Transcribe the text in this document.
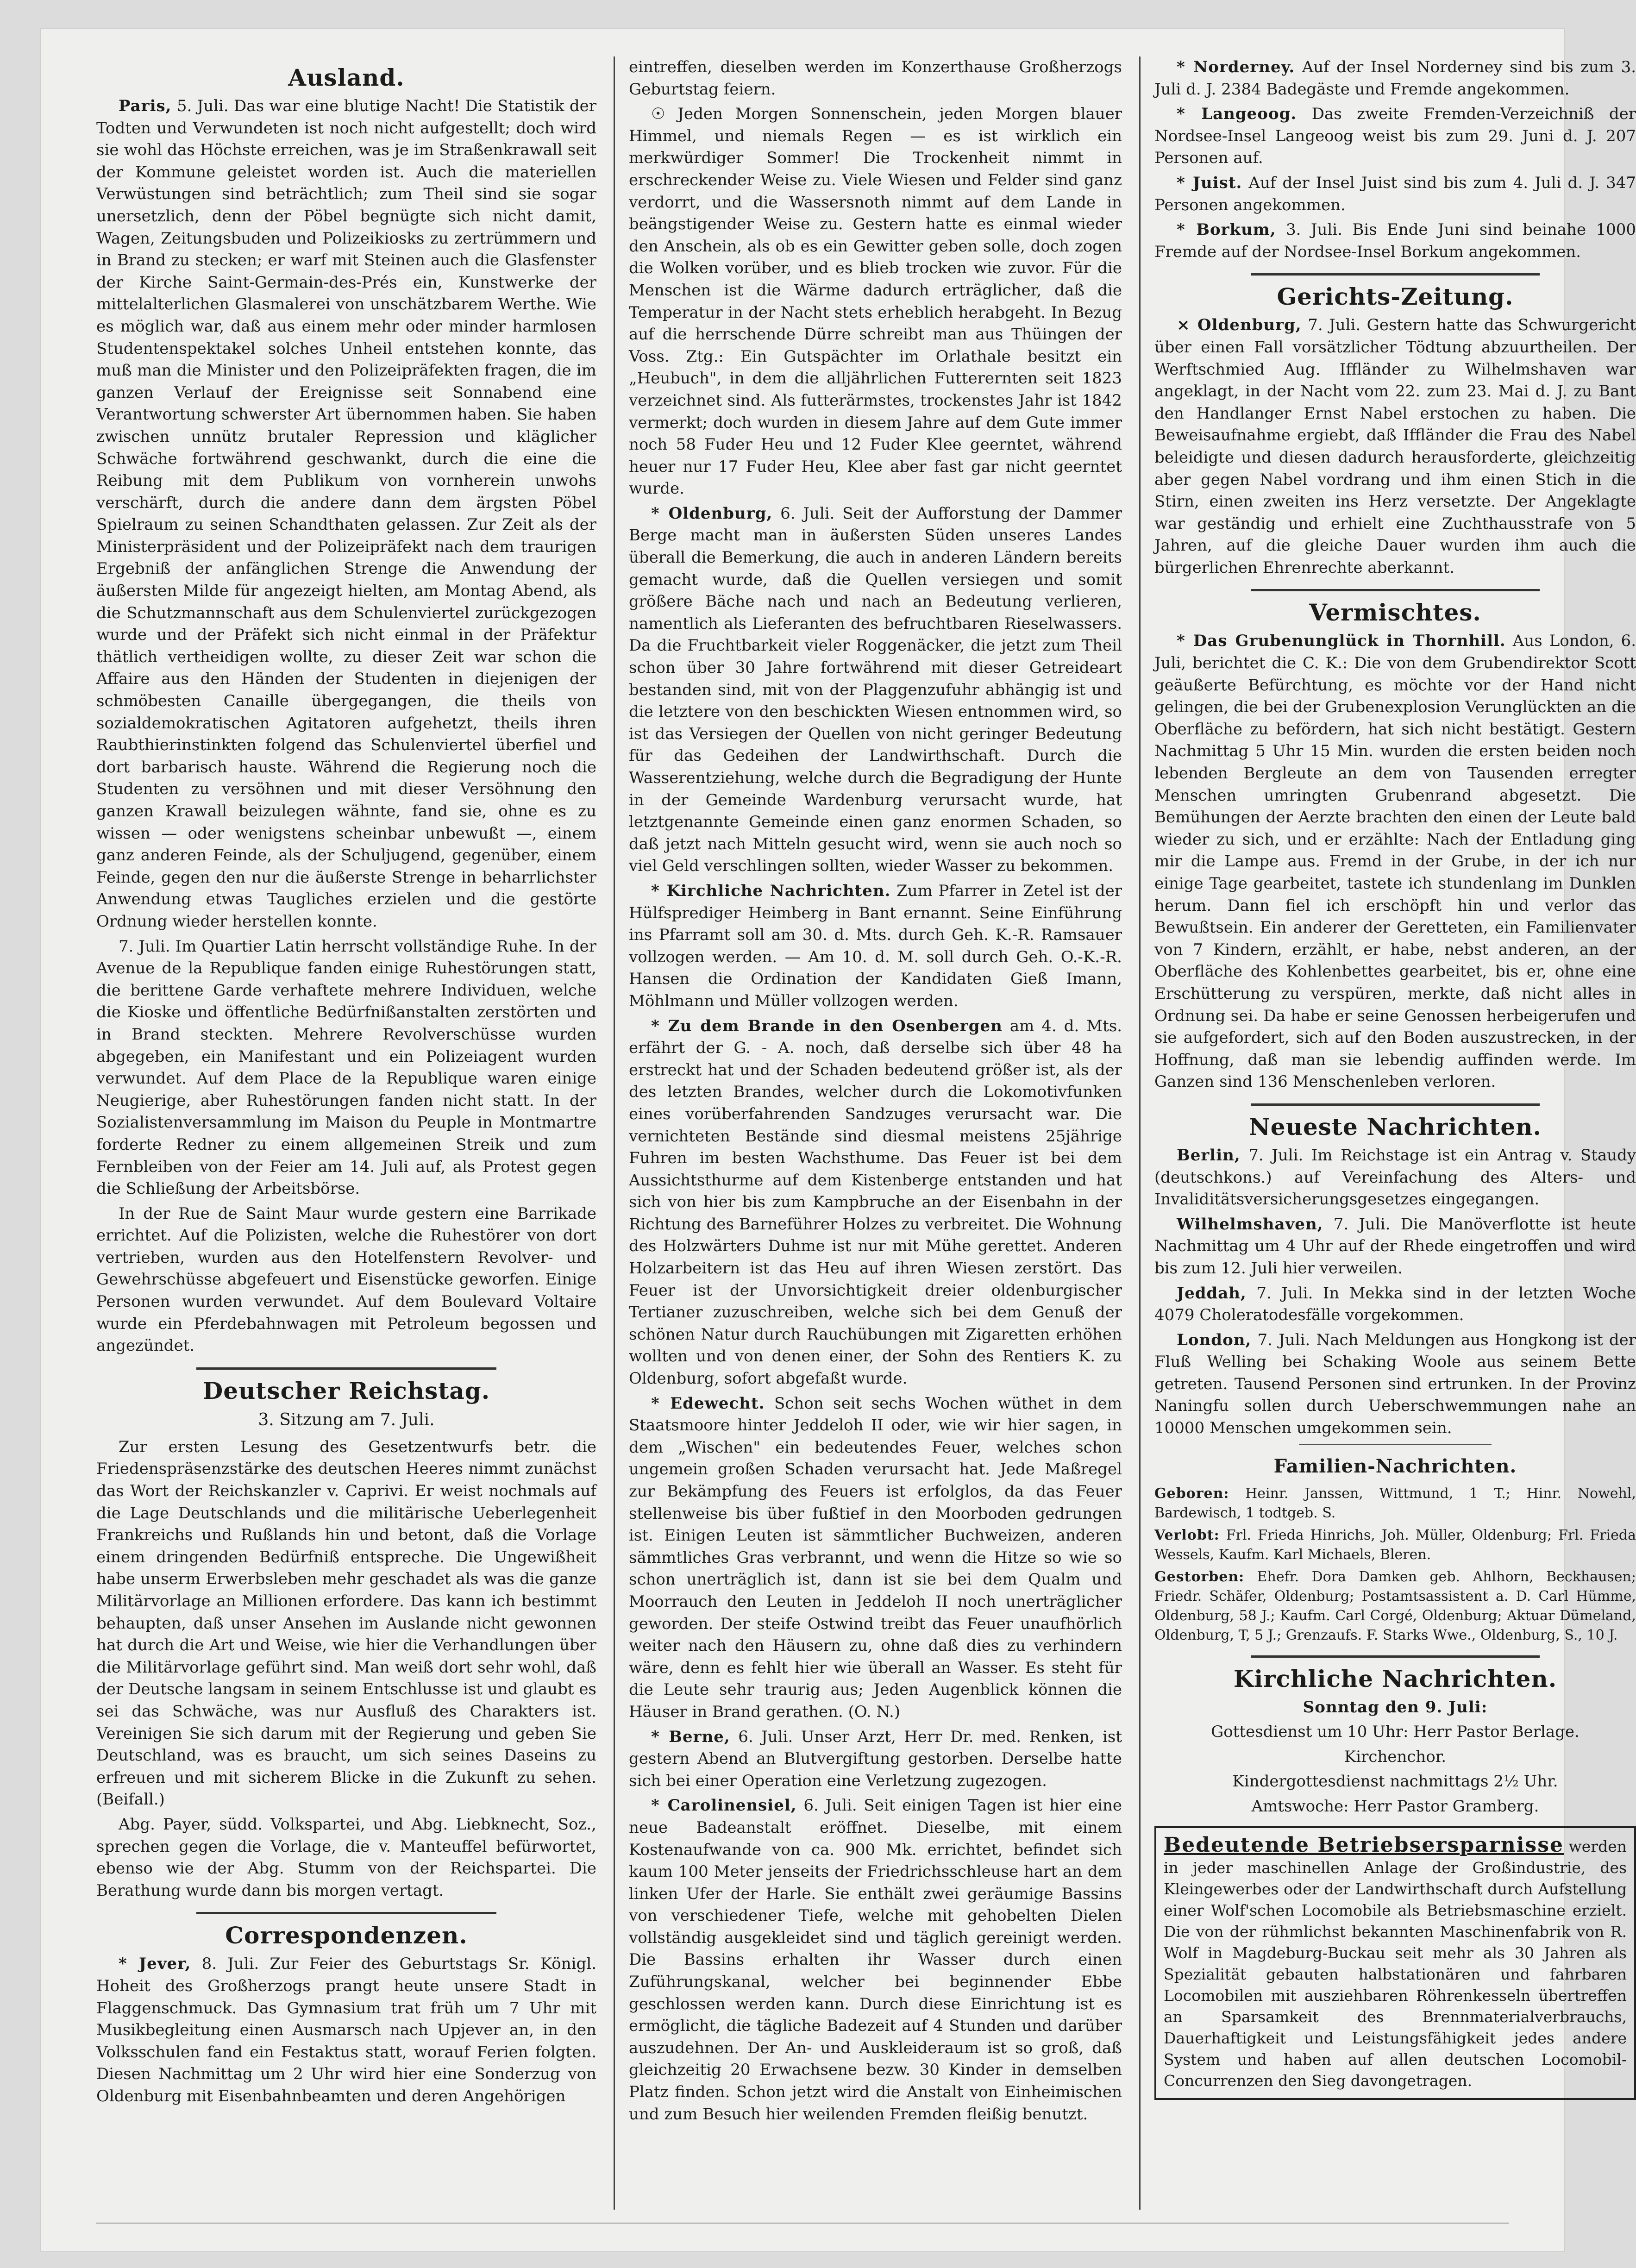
Ausland.

Paris, 5. Juli. Das war eine blutige Nacht! Die Statistik der Todten und Verwundeten ist noch nicht aufgestellt; doch wird sie wohl das Höchste erreichen, was je im Straßenkrawall seit der Kommune geleistet worden ist. Auch die materiellen Verwüstungen sind beträchtlich; zum Theil sind sie sogar unersetzlich, denn der Pöbel begnügte sich nicht damit, Wagen, Zeitungsbuden und Polizeikiosks zu zertrümmern und in Brand zu stecken; er warf mit Steinen auch die Glasfenster der Kirche Saint-Germain-des-Prés ein, Kunstwerke der mittelalterlichen Glasmalerei von unschätzbarem Werthe. Wie es möglich war, daß aus einem mehr oder minder harmlosen Studentenspektakel solches Unheil entstehen konnte, das muß man die Minister und den Polizeipräfekten fragen, die im ganzen Verlauf der Ereignisse seit Sonnabend eine Verantwortung schwerster Art übernommen haben. Sie haben zwischen unnütz brutaler Repression und kläglicher Schwäche fortwährend geschwankt, durch die eine die Reibung mit dem Publikum von vornherein unwohs verschärft, durch die andere dann dem ärgsten Pöbel Spielraum zu seinen Schandthaten gelassen. Zur Zeit als der Ministerpräsident und der Polizeipräfekt nach dem traurigen Ergebniß der anfänglichen Strenge die Anwendung der äußersten Milde für angezeigt hielten, am Montag Abend, als die Schutzmannschaft aus dem Schulenviertel zurückgezogen wurde und der Präfekt sich nicht einmal in der Präfektur thätlich vertheidigen wollte, zu dieser Zeit war schon die Affaire aus den Händen der Studenten in diejenigen der schmöbesten Canaille übergegangen, die theils von sozialdemokratischen Agitatoren aufgehetzt, theils ihren Raubthierinstinkten folgend das Schulenviertel überfiel und dort barbarisch hauste. Während die Regierung noch die Studenten zu versöhnen und mit dieser Versöhnung den ganzen Krawall beizulegen wähnte, fand sie, ohne es zu wissen — oder wenigstens scheinbar unbewußt —, einem ganz anderen Feinde, als der Schuljugend, gegenüber, einem Feinde, gegen den nur die äußerste Strenge in beharrlichster Anwendung etwas Taugliches erzielen und die gestörte Ordnung wieder herstellen konnte.

7. Juli. Im Quartier Latin herrscht vollständige Ruhe. In der Avenue de la Republique fanden einige Ruhestörungen statt, die berittene Garde verhaftete mehrere Individuen, welche die Kioske und öffentliche Bedürfnißanstalten zerstörten und in Brand steckten. Mehrere Revolverschüsse wurden abgegeben, ein Manifestant und ein Polizeiagent wurden verwundet. Auf dem Place de la Republique waren einige Neugierige, aber Ruhestörungen fanden nicht statt. In der Sozialistenversammlung im Maison du Peuple in Montmartre forderte Redner zu einem allgemeinen Streik und zum Fernbleiben von der Feier am 14. Juli auf, als Protest gegen die Schließung der Arbeitsbörse.

In der Rue de Saint Maur wurde gestern eine Barrikade errichtet. Auf die Polizisten, welche die Ruhestörer von dort vertrieben, wurden aus den Hotelfenstern Revolver- und Gewehrschüsse abgefeuert und Eisenstücke geworfen. Einige Personen wurden verwundet. Auf dem Boulevard Voltaire wurde ein Pferdebahnwagen mit Petroleum begossen und angezündet.

Deutscher Reichstag.
3. Sitzung am 7. Juli.

Zur ersten Lesung des Gesetzentwurfs betr. die Friedenspräsenzstärke des deutschen Heeres nimmt zunächst das Wort der Reichskanzler v. Caprivi. Er weist nochmals auf die Lage Deutschlands und die militärische Ueberlegenheit Frankreichs und Rußlands hin und betont, daß die Vorlage einem dringenden Bedürfniß entspreche. Die Ungewißheit habe unserm Erwerbsleben mehr geschadet als was die ganze Militärvorlage an Millionen erfordere. Das kann ich bestimmt behaupten, daß unser Ansehen im Auslande nicht gewonnen hat durch die Art und Weise, wie hier die Verhandlungen über die Militärvorlage geführt sind. Man weiß dort sehr wohl, daß der Deutsche langsam in seinem Entschlusse ist und glaubt es sei das Schwäche, was nur Ausfluß des Charakters ist. Vereinigen Sie sich darum mit der Regierung und geben Sie Deutschland, was es braucht, um sich seines Daseins zu erfreuen und mit sicherem Blicke in die Zukunft zu sehen. (Beifall.)

Abg. Payer, südd. Volkspartei, und Abg. Liebknecht, Soz., sprechen gegen die Vorlage, die v. Manteuffel befürwortet, ebenso wie der Abg. Stumm von der Reichspartei. Die Berathung wurde dann bis morgen vertagt.

Correspondenzen.

* Jever, 8. Juli. Zur Feier des Geburtstags Sr. Königl. Hoheit des Großherzogs prangt heute unsere Stadt in Flaggenschmuck. Das Gymnasium trat früh um 7 Uhr mit Musikbegleitung einen Ausmarsch nach Upjever an, in den Volksschulen fand ein Festaktus statt, worauf Ferien folgten. Diesen Nachmittag um 2 Uhr wird hier eine Sonderzug von Oldenburg mit Eisenbahnbeamten und deren Angehörigen

eintreffen, dieselben werden im Konzerthause Großherzogs Geburtstag feiern.

☉ Jeden Morgen Sonnenschein, jeden Morgen blauer Himmel, und niemals Regen — es ist wirklich ein merkwürdiger Sommer! Die Trockenheit nimmt in erschreckender Weise zu. Viele Wiesen und Felder sind ganz verdorrt, und die Wassersnoth nimmt auf dem Lande in beängstigender Weise zu. Gestern hatte es einmal wieder den Anschein, als ob es ein Gewitter geben solle, doch zogen die Wolken vorüber, und es blieb trocken wie zuvor. Für die Menschen ist die Wärme dadurch erträglicher, daß die Temperatur in der Nacht stets erheblich herabgeht. In Bezug auf die herrschende Dürre schreibt man aus Thüingen der Voss. Ztg.: Ein Gutspächter im Orlathale besitzt ein „Heubuch", in dem die alljährlichen Futterernten seit 1823 verzeichnet sind. Als futterärmstes, trockenstes Jahr ist 1842 vermerkt; doch wurden in diesem Jahre auf dem Gute immer noch 58 Fuder Heu und 12 Fuder Klee geerntet, während heuer nur 17 Fuder Heu, Klee aber fast gar nicht geerntet wurde.

* Oldenburg, 6. Juli. Seit der Aufforstung der Dammer Berge macht man in äußersten Süden unseres Landes überall die Bemerkung, die auch in anderen Ländern bereits gemacht wurde, daß die Quellen versiegen und somit größere Bäche nach und nach an Bedeutung verlieren, namentlich als Lieferanten des befruchtbaren Rieselwassers. Da die Fruchtbarkeit vieler Roggenäcker, die jetzt zum Theil schon über 30 Jahre fortwährend mit dieser Getreideart bestanden sind, mit von der Plaggenzufuhr abhängig ist und die letztere von den beschickten Wiesen entnommen wird, so ist das Versiegen der Quellen von nicht geringer Bedeutung für das Gedeihen der Landwirthschaft. Durch die Wasserentziehung, welche durch die Begradigung der Hunte in der Gemeinde Wardenburg verursacht wurde, hat letztgenannte Gemeinde einen ganz enormen Schaden, so daß jetzt nach Mitteln gesucht wird, wenn sie auch noch so viel Geld verschlingen sollten, wieder Wasser zu bekommen.

* Kirchliche Nachrichten. Zum Pfarrer in Zetel ist der Hülfsprediger Heimberg in Bant ernannt. Seine Einführung ins Pfarramt soll am 30. d. Mts. durch Geh. K.-R. Ramsauer vollzogen werden. — Am 10. d. M. soll durch Geh. O.-K.-R. Hansen die Ordination der Kandidaten Gieß Imann, Möhlmann und Müller vollzogen werden.

* Zu dem Brande in den Osenbergen am 4. d. Mts. erfährt der G. - A. noch, daß derselbe sich über 48 ha erstreckt hat und der Schaden bedeutend größer ist, als der des letzten Brandes, welcher durch die Lokomotivfunken eines vorüberfahrenden Sandzuges verursacht war. Die vernichteten Bestände sind diesmal meistens 25jährige Fuhren im besten Wachsthume. Das Feuer ist bei dem Aussichtsthurme auf dem Kistenberge entstanden und hat sich von hier bis zum Kampbruche an der Eisenbahn in der Richtung des Barneführer Holzes zu verbreitet. Die Wohnung des Holzwärters Duhme ist nur mit Mühe gerettet. Anderen Holzarbeitern ist das Heu auf ihren Wiesen zerstört. Das Feuer ist der Unvorsichtigkeit dreier oldenburgischer Tertianer zuzuschreiben, welche sich bei dem Genuß der schönen Natur durch Rauchübungen mit Zigaretten erhöhen wollten und von denen einer, der Sohn des Rentiers K. zu Oldenburg, sofort abgefaßt wurde.

* Edewecht. Schon seit sechs Wochen wüthet in dem Staatsmoore hinter Jeddeloh II oder, wie wir hier sagen, in dem „Wischen" ein bedeutendes Feuer, welches schon ungemein großen Schaden verursacht hat. Jede Maßregel zur Bekämpfung des Feuers ist erfolglos, da das Feuer stellenweise bis über fußtief in den Moorboden gedrungen ist. Einigen Leuten ist sämmtlicher Buchweizen, anderen sämmtliches Gras verbrannt, und wenn die Hitze so wie so schon unerträglich ist, dann ist sie bei dem Qualm und Moorrauch den Leuten in Jeddeloh II noch unerträglicher geworden. Der steife Ostwind treibt das Feuer unaufhörlich weiter nach den Häusern zu, ohne daß dies zu verhindern wäre, denn es fehlt hier wie überall an Wasser. Es steht für die Leute sehr traurig aus; Jeden Augenblick können die Häuser in Brand gerathen. (O. N.)

* Berne, 6. Juli. Unser Arzt, Herr Dr. med. Renken, ist gestern Abend an Blutvergiftung gestorben. Derselbe hatte sich bei einer Operation eine Verletzung zugezogen.

* Carolinensiel, 6. Juli. Seit einigen Tagen ist hier eine neue Badeanstalt eröffnet. Dieselbe, mit einem Kostenaufwande von ca. 900 Mk. errichtet, befindet sich kaum 100 Meter jenseits der Friedrichsschleuse hart an dem linken Ufer der Harle. Sie enthält zwei geräumige Bassins von verschiedener Tiefe, welche mit gehobelten Dielen vollständig ausgekleidet sind und täglich gereinigt werden. Die Bassins erhalten ihr Wasser durch einen Zuführungskanal, welcher bei beginnender Ebbe geschlossen werden kann. Durch diese Einrichtung ist es ermöglicht, die tägliche Badezeit auf 4 Stunden und darüber auszudehnen. Der An- und Auskleideraum ist so groß, daß gleichzeitig 20 Erwachsene bezw. 30 Kinder in demselben Platz finden. Schon jetzt wird die Anstalt von Einheimischen und zum Besuch hier weilenden Fremden fleißig benutzt.

* Norderney. Auf der Insel Norderney sind bis zum 3. Juli d. J. 2384 Badegäste und Fremde angekommen.

* Langeoog. Das zweite Fremden-Verzeichniß der Nordsee-Insel Langeoog weist bis zum 29. Juni d. J. 207 Personen auf.

* Juist. Auf der Insel Juist sind bis zum 4. Juli d. J. 347 Personen angekommen.

* Borkum, 3. Juli. Bis Ende Juni sind beinahe 1000 Fremde auf der Nordsee-Insel Borkum angekommen.

Gerichts-Zeitung.

× Oldenburg, 7. Juli. Gestern hatte das Schwurgericht über einen Fall vorsätzlicher Tödtung abzuurtheilen. Der Werftschmied Aug. Iffländer zu Wilhelmshaven war angeklagt, in der Nacht vom 22. zum 23. Mai d. J. zu Bant den Handlanger Ernst Nabel erstochen zu haben. Die Beweisaufnahme ergiebt, daß Iffländer die Frau des Nabel beleidigte und diesen dadurch herausforderte, gleichzeitig aber gegen Nabel vordrang und ihm einen Stich in die Stirn, einen zweiten ins Herz versetzte. Der Angeklagte war geständig und erhielt eine Zuchthausstrafe von 5 Jahren, auf die gleiche Dauer wurden ihm auch die bürgerlichen Ehrenrechte aberkannt.

Vermischtes.

* Das Grubenunglück in Thornhill. Aus London, 6. Juli, berichtet die C. K.: Die von dem Grubendirektor Scott geäußerte Befürchtung, es möchte vor der Hand nicht gelingen, die bei der Grubenexplosion Verunglückten an die Oberfläche zu befördern, hat sich nicht bestätigt. Gestern Nachmittag 5 Uhr 15 Min. wurden die ersten beiden noch lebenden Bergleute an dem von Tausenden erregter Menschen umringten Grubenrand abgesetzt. Die Bemühungen der Aerzte brachten den einen der Leute bald wieder zu sich, und er erzählte: Nach der Entladung ging mir die Lampe aus. Fremd in der Grube, in der ich nur einige Tage gearbeitet, tastete ich stundenlang im Dunklen herum. Dann fiel ich erschöpft hin und verlor das Bewußtsein. Ein anderer der Geretteten, ein Familienvater von 7 Kindern, erzählt, er habe, nebst anderen, an der Oberfläche des Kohlenbettes gearbeitet, bis er, ohne eine Erschütterung zu verspüren, merkte, daß nicht alles in Ordnung sei. Da habe er seine Genossen herbeigerufen und sie aufgefordert, sich auf den Boden auszustrecken, in der Hoffnung, daß man sie lebendig auffinden werde. Im Ganzen sind 136 Menschenleben verloren.

Neueste Nachrichten.

Berlin, 7. Juli. Im Reichstage ist ein Antrag v. Staudy (deutschkons.) auf Vereinfachung des Alters- und Invaliditätsversicherungsgesetzes eingegangen.

Wilhelmshaven, 7. Juli. Die Manöverflotte ist heute Nachmittag um 4 Uhr auf der Rhede eingetroffen und wird bis zum 12. Juli hier verweilen.

Jeddah, 7. Juli. In Mekka sind in der letzten Woche 4079 Choleratodesfälle vorgekommen.

London, 7. Juli. Nach Meldungen aus Hongkong ist der Fluß Welling bei Schaking Woole aus seinem Bette getreten. Tausend Personen sind ertrunken. In der Provinz Naningfu sollen durch Ueberschwemmungen nahe an 10000 Menschen umgekommen sein.

Familien-Nachrichten.

Geboren: Heinr. Janssen, Wittmund, 1 T.; Hinr. Nowehl, Bardewisch, 1 todtgeb. S.

Verlobt: Frl. Frieda Hinrichs, Joh. Müller, Oldenburg; Frl. Frieda Wessels, Kaufm. Karl Michaels, Bleren.

Gestorben: Ehefr. Dora Damken geb. Ahlhorn, Beckhausen; Friedr. Schäfer, Oldenburg; Postamtsassistent a. D. Carl Hümme, Oldenburg, 58 J.; Kaufm. Carl Corgé, Oldenburg; Aktuar Dümeland, Oldenburg, T, 5 J.; Grenzaufs. F. Starks Wwe., Oldenburg, S., 10 J.

Kirchliche Nachrichten.

Sonntag den 9. Juli:

Gottesdienst um 10 Uhr: Herr Pastor Berlage.

Kirchenchor.

Kindergottesdienst nachmittags 2½ Uhr.

Amtswoche: Herr Pastor Gramberg.

Bedeutende Betriebsersparnisse werden in jeder maschinellen Anlage der Großindustrie, des Kleingewerbes oder der Landwirthschaft durch Aufstellung einer Wolf'schen Locomobile als Betriebsmaschine erzielt. Die von der rühmlichst bekannten Maschinenfabrik von R. Wolf in Magdeburg-Buckau seit mehr als 30 Jahren als Spezialität gebauten halbstationären und fahrbaren Locomobilen mit ausziehbaren Röhrenkesseln übertreffen an Sparsamkeit des Brennmaterialverbrauchs, Dauerhaftigkeit und Leistungsfähigkeit jedes andere System und haben auf allen deutschen Locomobil-Concurrenzen den Sieg davongetragen.
